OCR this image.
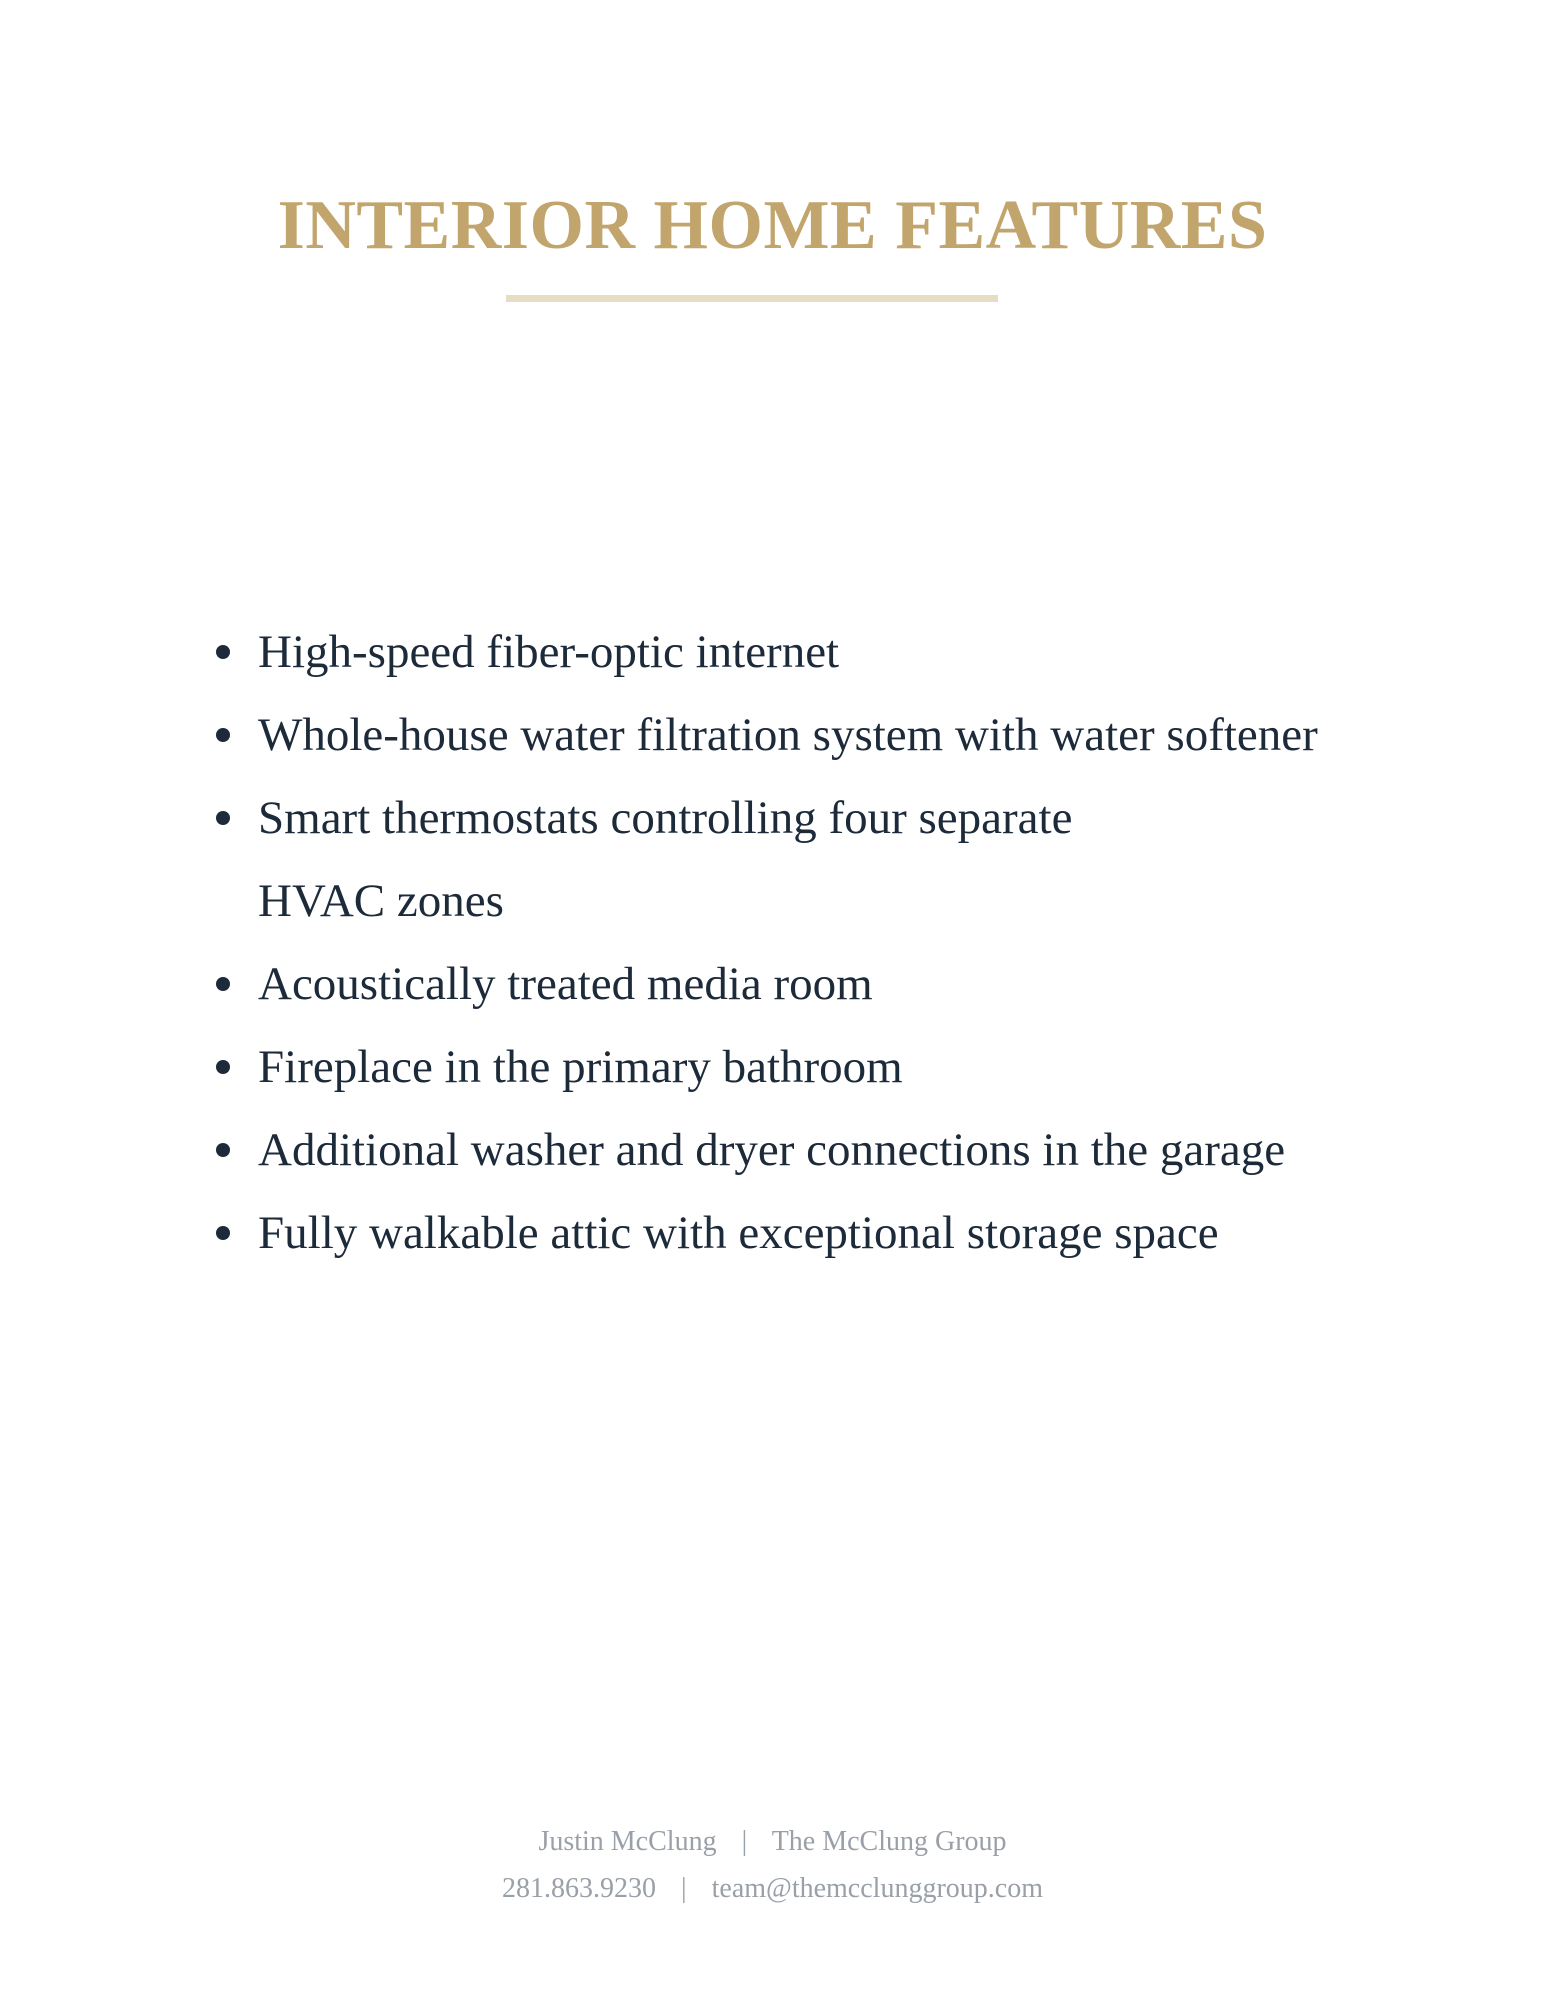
INTERIOR HOME FEATURES
High-speed fiber-optic internet
Whole-house water filtration system with water softener
Smart thermostats controlling four separate HVAC zones
Acoustically treated media room
Fireplace in the primary bathroom
Additional washer and dryer connections in the garage
Fully walkable attic with exceptional storage space
Justin McClung | The McClung Group
281.863.9230 | team@themcclunggroup.com
